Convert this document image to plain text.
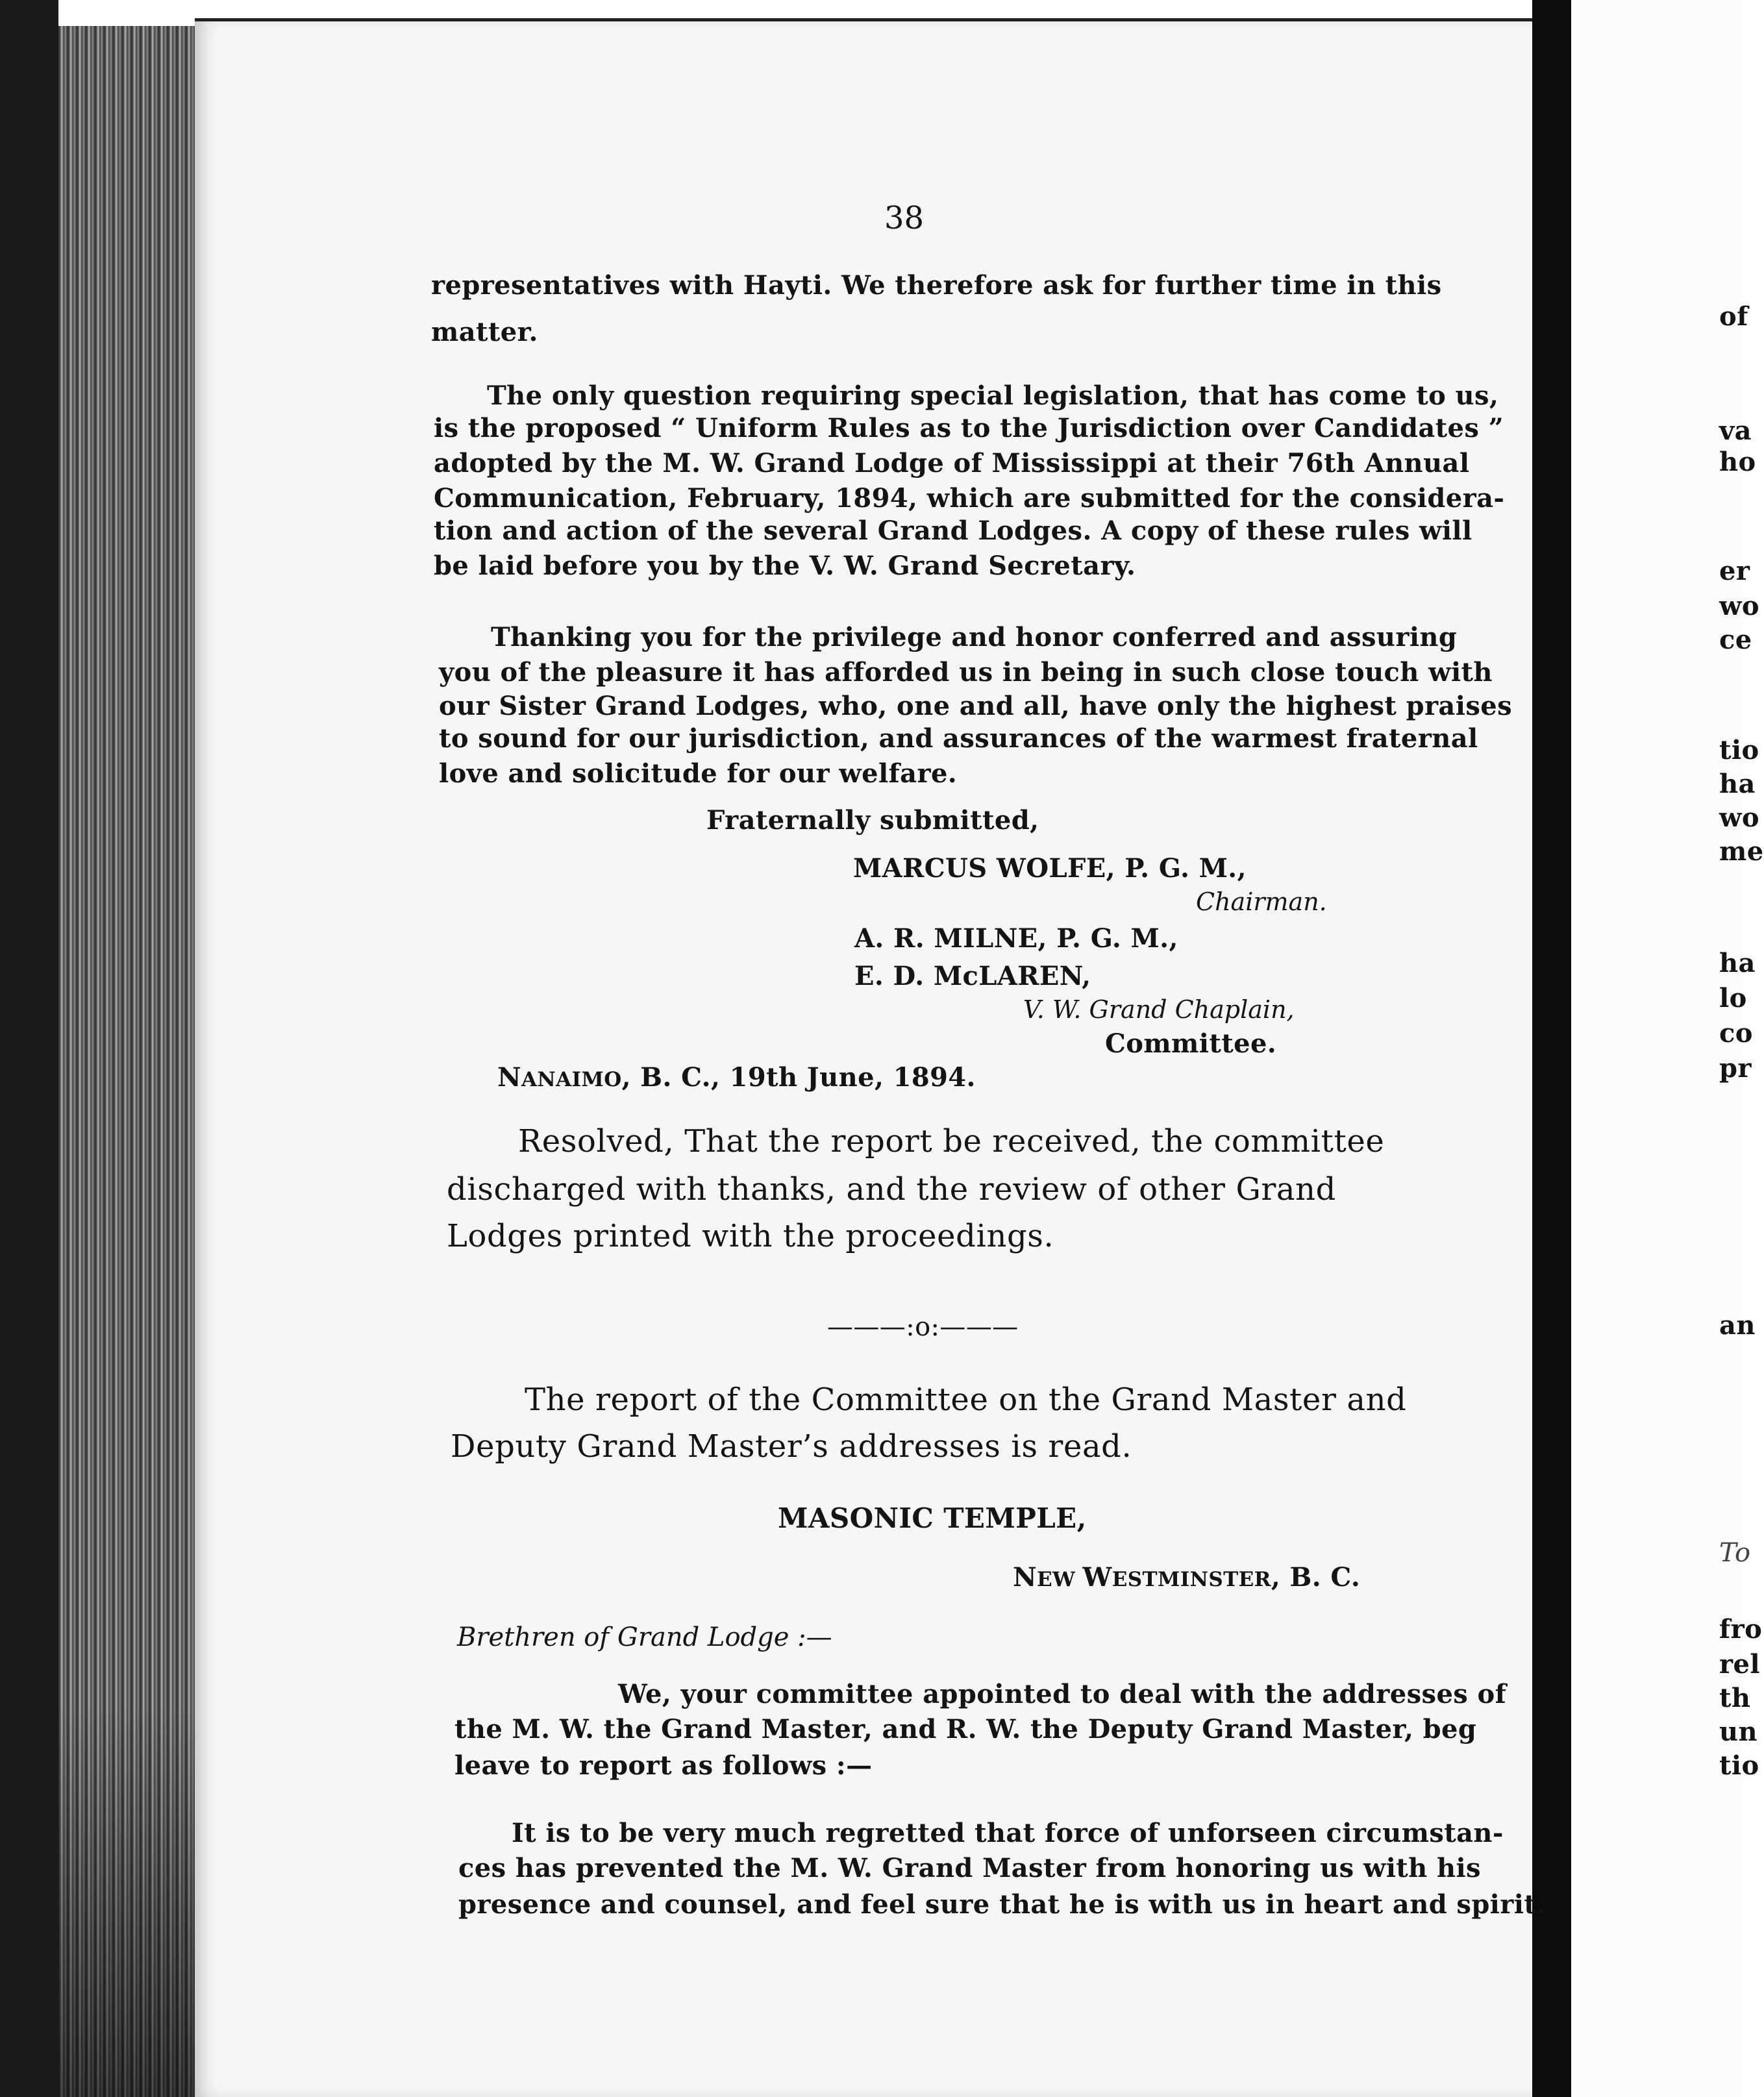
of
va
ho
er
wo
ce
tio
ha
wo
me
ha
lo
co
pr
an
To
fro
rel
th
un
tio
38
representatives with Hayti. We therefore ask for further time in this
matter.
The only question requiring special legislation, that has come to us,
is the proposed “ Uniform Rules as to the Jurisdiction over Candidates ”
adopted by the M. W. Grand Lodge of Mississippi at their 76th Annual
Communication, February, 1894, which are submitted for the considera-
tion and action of the several Grand Lodges. A copy of these rules will
be laid before you by the V. W. Grand Secretary.
Thanking you for the privilege and honor conferred and assuring
you of the pleasure it has afforded us in being in such close touch with
our Sister Grand Lodges, who, one and all, have only the highest praises
to sound for our jurisdiction, and assurances of the warmest fraternal
love and solicitude for our welfare.
Fraternally submitted,
MARCUS WOLFE, P. G. M.,
Chairman.
A. R. MILNE, P. G. M.,
E. D. McLAREN,
V. W. Grand Chaplain,
Committee.
NANAIMO, B. C., 19th June, 1894.
Resolved, That the report be received, the committee
discharged with thanks, and the review of other Grand
Lodges printed with the proceedings.
———:o:———
The report of the Committee on the Grand Master and
Deputy Grand Master’s addresses is read.
MASONIC TEMPLE,
NEW WESTMINSTER, B. C.
Brethren of Grand Lodge :—
We, your committee appointed to deal with the addresses of
the M. W. the Grand Master, and R. W. the Deputy Grand Master, beg
leave to report as follows :—
It is to be very much regretted that force of unforseen circumstan-
ces has prevented the M. W. Grand Master from honoring us with his
presence and counsel, and feel sure that he is with us in heart and spirit.
